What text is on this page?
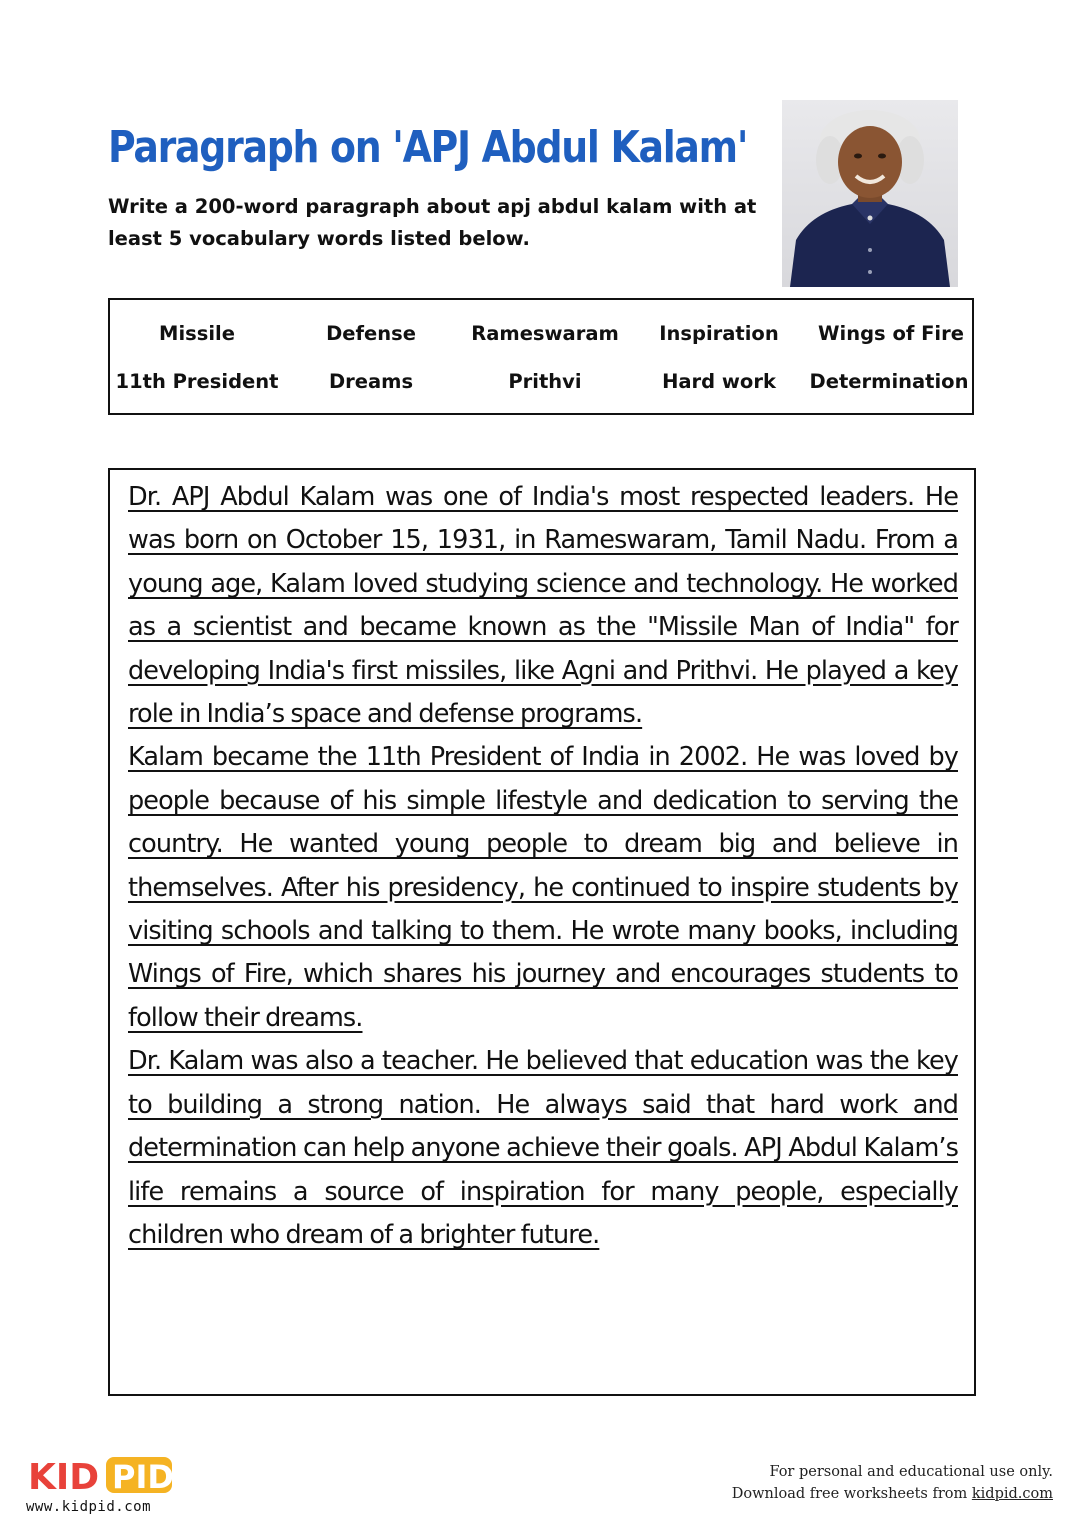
Paragraph on 'APJ Abdul Kalam'
Write a 200-word paragraph about apj abdul kalam with at least 5 vocabulary words listed below.
Missile	Defense	Rameswaram	Inspiration	Wings of Fire
11th President	Dreams	Prithvi	Hard work	Determination

Dr. APJ Abdul Kalam was one of India's most respected leaders. He was born on October 15, 1931, in Rameswaram, Tamil Nadu. From a young age, Kalam loved studying science and technology. He worked as a scientist and became known as the "Missile Man of India" for developing India's first missiles, like Agni and Prithvi. He played a key role in India’s space and defense programs.

Kalam became the 11th President of India in 2002. He was loved by people because of his simple lifestyle and dedication to serving the country. He wanted young people to dream big and believe in themselves. After his presidency, he continued to inspire students by visiting schools and talking to them. He wrote many books, including Wings of Fire, which shares his journey and encourages students to follow their dreams.

Dr. Kalam was also a teacher. He believed that education was the key to building a strong nation. He always said that hard work and determination can help anyone achieve their goals. APJ Abdul Kalam’s life remains a source of inspiration for many people, especially children who dream of a brighter future.

KID PID
www.kidpid.com
For personal and educational use only.
Download free worksheets from kidpid.com
